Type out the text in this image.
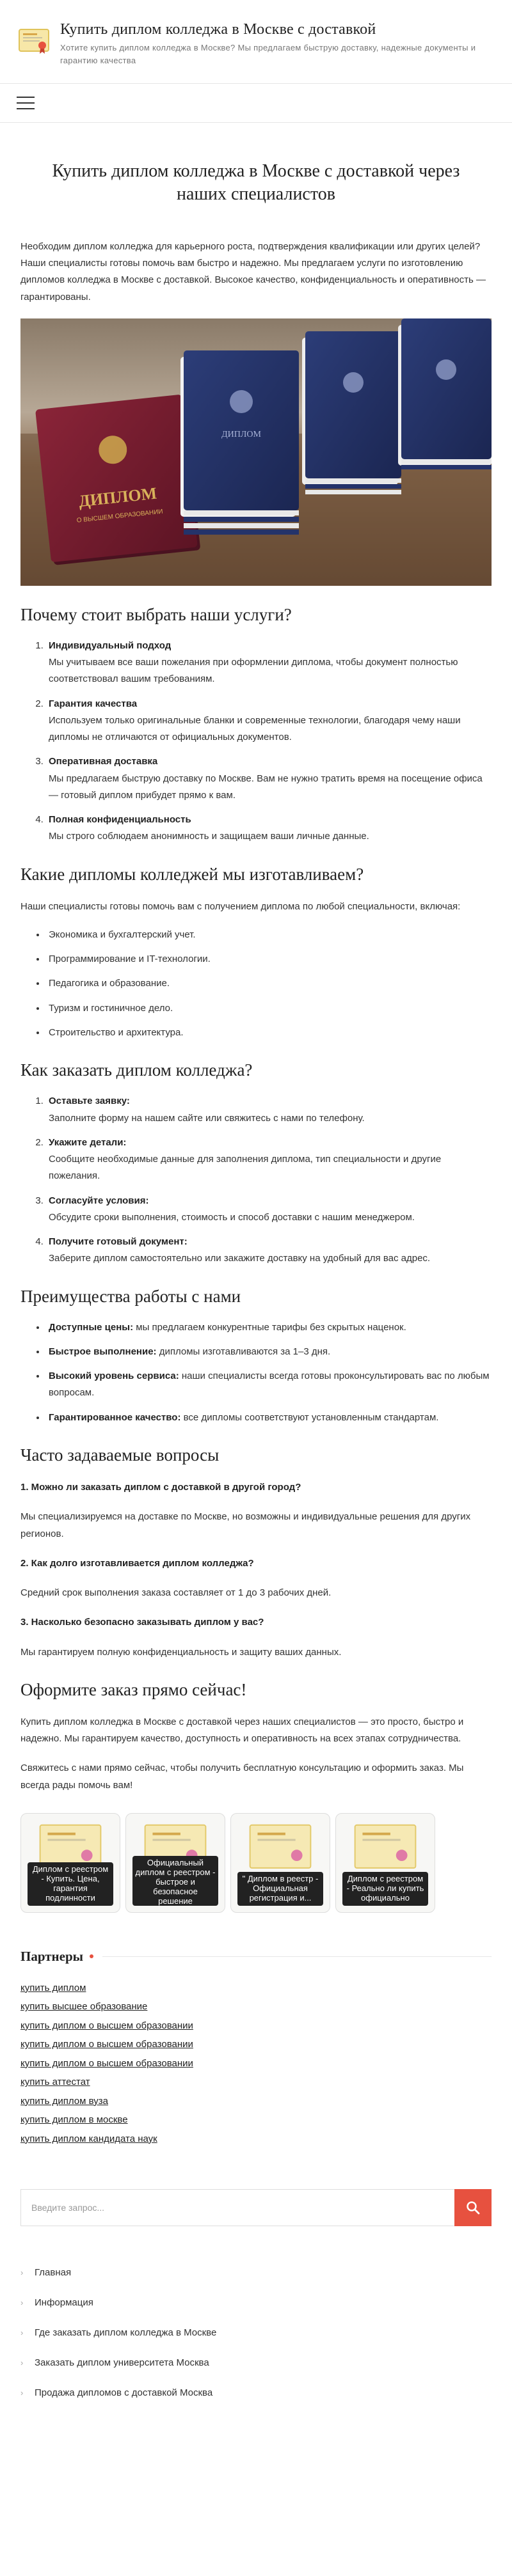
Купить диплом колледжа в Москве с доставкой
Хотите купить диплом колледжа в Москве? Мы предлагаем быструю доставку, надежные документы и гарантию качества
Купить диплом колледжа в Москве с доставкой через наших специалистов

Необходим диплом колледжа для карьерного роста, подтверждения квалификации или других целей? Наши специалисты готовы помочь вам быстро и надежно. Мы предлагаем услуги по изготовлению дипломов колледжа в Москве с доставкой. Высокое качество, конфиденциальность и оперативность — гарантированы.

ДИПЛОМ
О ВЫСШЕМ ОБРАЗОВАНИИ
ДИПЛОМ
Почему стоит выбрать наши услуги?
1. Индивидуальный подход
Мы учитываем все ваши пожелания при оформлении диплома, чтобы документ полностью соответствовал вашим требованиям.
2. Гарантия качества
Используем только оригинальные бланки и современные технологии, благодаря чему наши дипломы не отличаются от официальных документов.
3. Оперативная доставка
Мы предлагаем быструю доставку по Москве. Вам не нужно тратить время на посещение офиса — готовый диплом прибудет прямо к вам.
4. Полная конфиденциальность
Мы строго соблюдаем анонимность и защищаем ваши личные данные.
Какие дипломы колледжей мы изготавливаем?

Наши специалисты готовы помочь вам с получением диплома по любой специальности, включая:

• Экономика и бухгалтерский учет.
• Программирование и IT-технологии.
• Педагогика и образование.
• Туризм и гостиничное дело.
• Строительство и архитектура.
Как заказать диплом колледжа?
1. Оставьте заявку:
Заполните форму на нашем сайте или свяжитесь с нами по телефону.
2. Укажите детали:
Сообщите необходимые данные для заполнения диплома, тип специальности и другие пожелания.
3. Согласуйте условия:
Обсудите сроки выполнения, стоимость и способ доставки с нашим менеджером.
4. Получите готовый документ:
Заберите диплом самостоятельно или закажите доставку на удобный для вас адрес.
Преимущества работы с нами
• Доступные цены: мы предлагаем конкурентные тарифы без скрытых наценок.
• Быстрое выполнение: дипломы изготавливаются за 1–3 дня.
• Высокий уровень сервиса: наши специалисты всегда готовы проконсультировать вас по любым вопросам.
• Гарантированное качество: все дипломы соответствуют установленным стандартам.
Часто задаваемые вопросы

1. Можно ли заказать диплом с доставкой в другой город?

Мы специализируемся на доставке по Москве, но возможны и индивидуальные решения для других регионов.

2. Как долго изготавливается диплом колледжа?

Средний срок выполнения заказа составляет от 1 до 3 рабочих дней.

3. Насколько безопасно заказывать диплом у вас?

Мы гарантируем полную конфиденциальность и защиту ваших данных.

Оформите заказ прямо сейчас!

Купить диплом колледжа в Москве с доставкой через наших специалистов — это просто, быстро и надежно. Мы гарантируем качество, доступность и оперативность на всех этапах сотрудничества.

Свяжитесь с нами прямо сейчас, чтобы получить бесплатную консультацию и оформить заказ. Мы всегда рады помочь вам!

Диплом с реестром - Купить. Цена, гарантия подлинности
Официальный диплом с реестром - быстрое и безопасное решение
" Диплом в реестр - Официальная регистрация и...
Диплом с реестром - Реально ли купить официально
Партнеры
купить диплом
купить высшее образование
купить диплом о высшем образовании
купить диплом о высшем образовании
купить диплом о высшем образовании
купить аттестат
купить диплом вуза
купить диплом в москве
купить диплом кандидата наук
Введите запрос...
› Главная
› Информация
› Где заказать диплом колледжа в Москве
› Заказать диплом университета Москва
› Продажа дипломов с доставкой Москва
